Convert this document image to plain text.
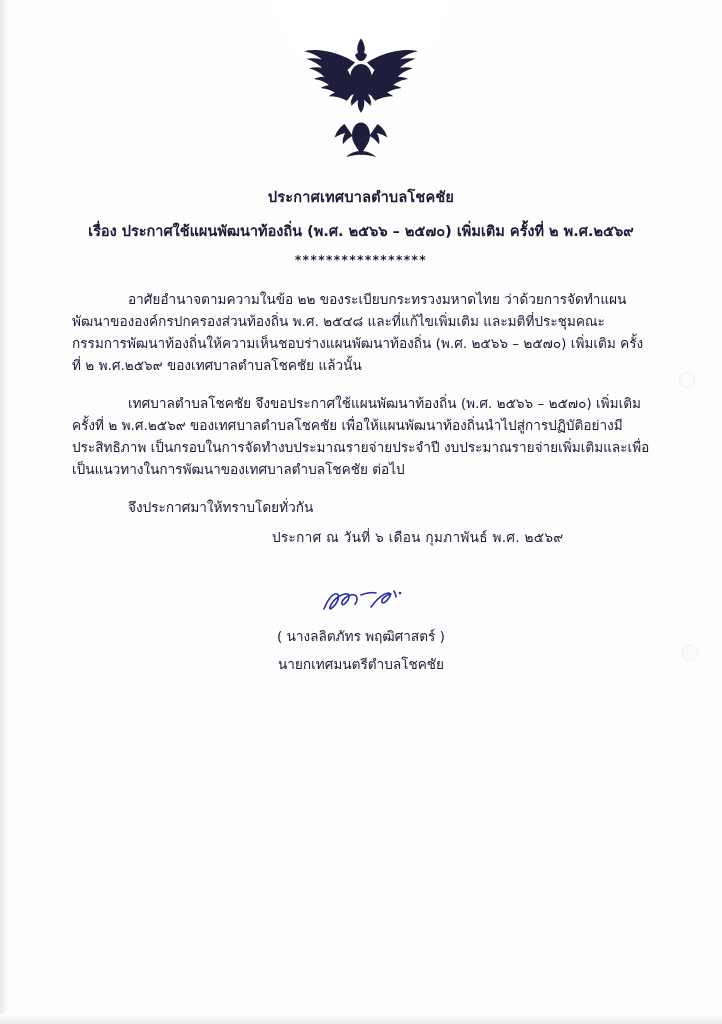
ประกาศเทศบาลตำบลโชคชัย
เรื่อง ประกาศใช้แผนพัฒนาท้องถิ่น (พ.ศ. ๒๕๖๖ – ๒๕๗๐) เพิ่มเติม ครั้งที่ ๒ พ.ศ.๒๕๖๙
*****************

อาศัยอำนาจตามความในข้อ ๒๒ ของระเบียบกระทรวงมหาดไทย ว่าด้วยการจัดทำแผนพัฒนาขององค์กรปกครองส่วนท้องถิ่น พ.ศ. ๒๕๔๘ และที่แก้ไขเพิ่มเติม และมติที่ประชุมคณะกรรมการพัฒนาท้องถิ่นให้ความเห็นชอบร่างแผนพัฒนาท้องถิ่น (พ.ศ. ๒๕๖๖ – ๒๕๗๐) เพิ่มเติม ครั้งที่ ๒ พ.ศ.๒๕๖๙ ของเทศบาลตำบลโชคชัย แล้วนั้น

เทศบาลตำบลโชคชัย จึงขอประกาศใช้แผนพัฒนาท้องถิ่น (พ.ศ. ๒๕๖๖ – ๒๕๗๐) เพิ่มเติม ครั้งที่ ๒ พ.ศ.๒๕๖๙ ของเทศบาลตำบลโชคชัย เพื่อให้แผนพัฒนาท้องถิ่นนำไปสู่การปฏิบัติอย่างมีประสิทธิภาพ เป็นกรอบในการจัดทำงบประมาณรายจ่ายประจำปี งบประมาณรายจ่ายเพิ่มเติมและเพื่อเป็นแนวทางในการพัฒนาของเทศบาลตำบลโชคชัย ต่อไป

จึงประกาศมาให้ทราบโดยทั่วกัน

ประกาศ ณ วันที่ ๖ เดือน กุมภาพันธ์ พ.ศ. ๒๕๖๙
( นางลลิตภัทร พฤฒิศาสตร์ )
นายกเทศมนตรีตำบลโชคชัย
